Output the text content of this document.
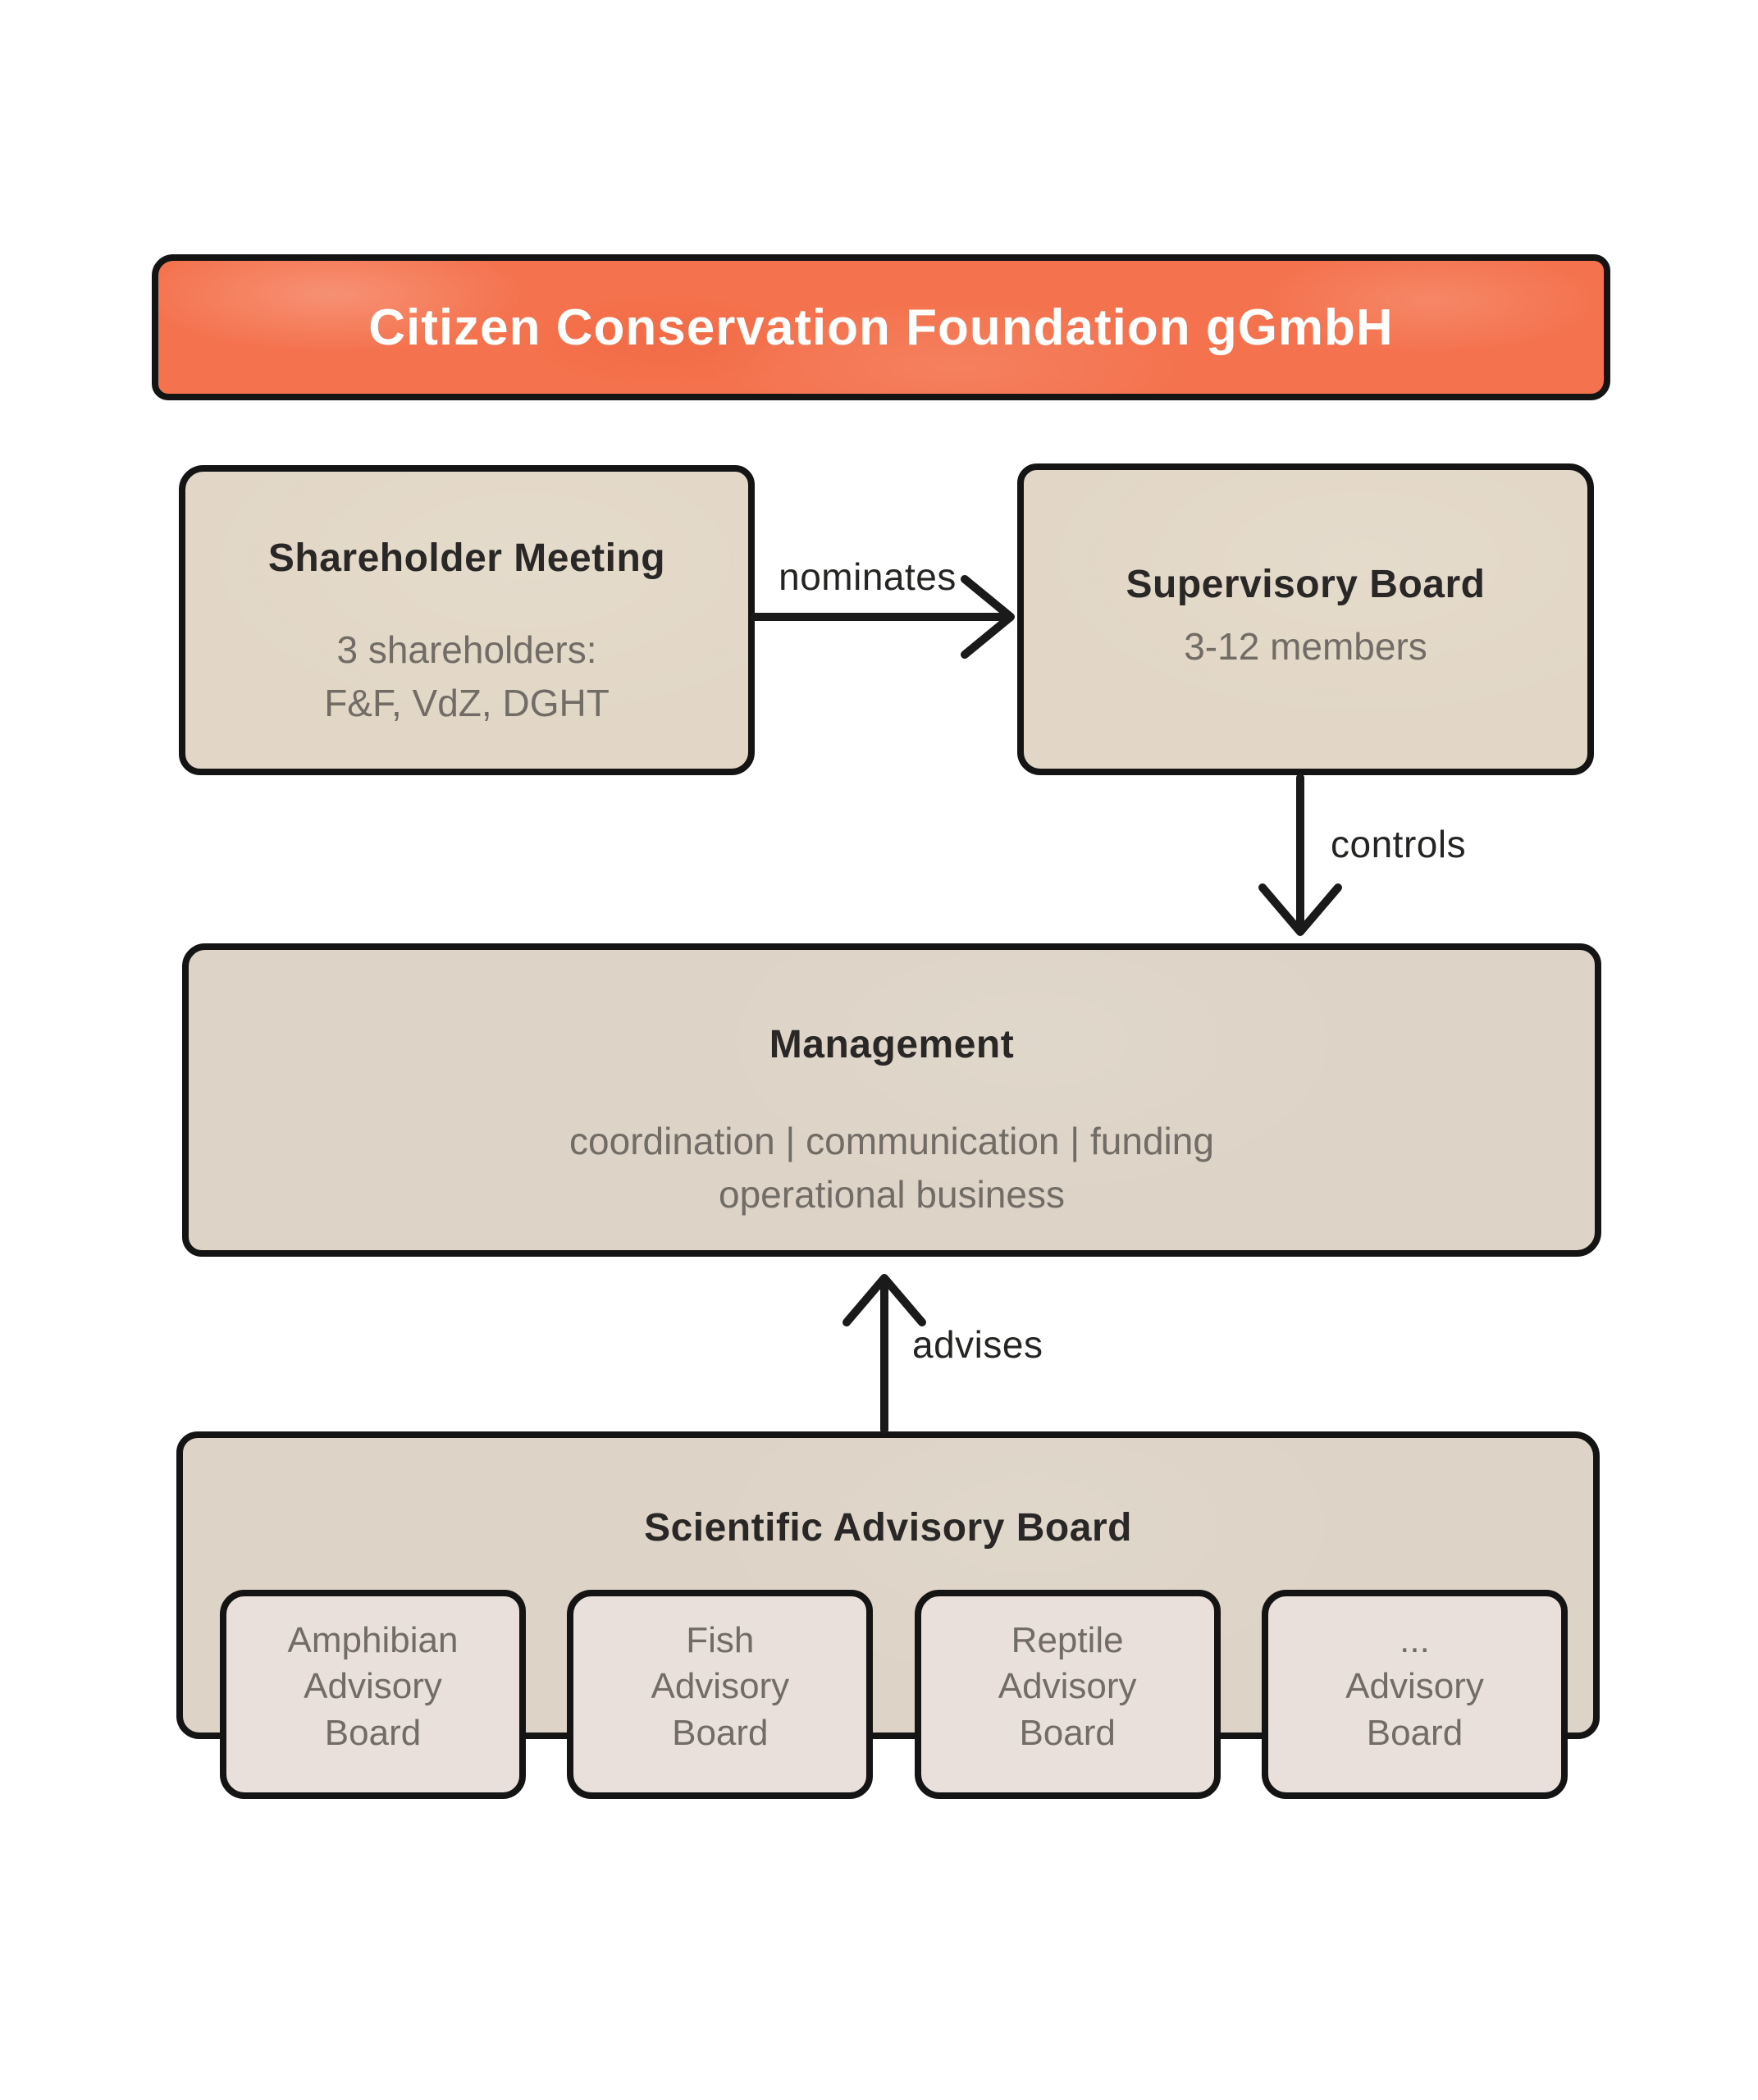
Citizen Conservation Foundation gGmbH
Shareholder Meeting
3 shareholders:
F&F, VdZ, DGHT
Supervisory Board
3-12 members
Management
coordination | communication | funding
operational business
Scientific Advisory Board
Amphibian
Advisory
Board
Fish
Advisory
Board
Reptile
Advisory
Board
...
Advisory
Board
nominates
controls
advises
